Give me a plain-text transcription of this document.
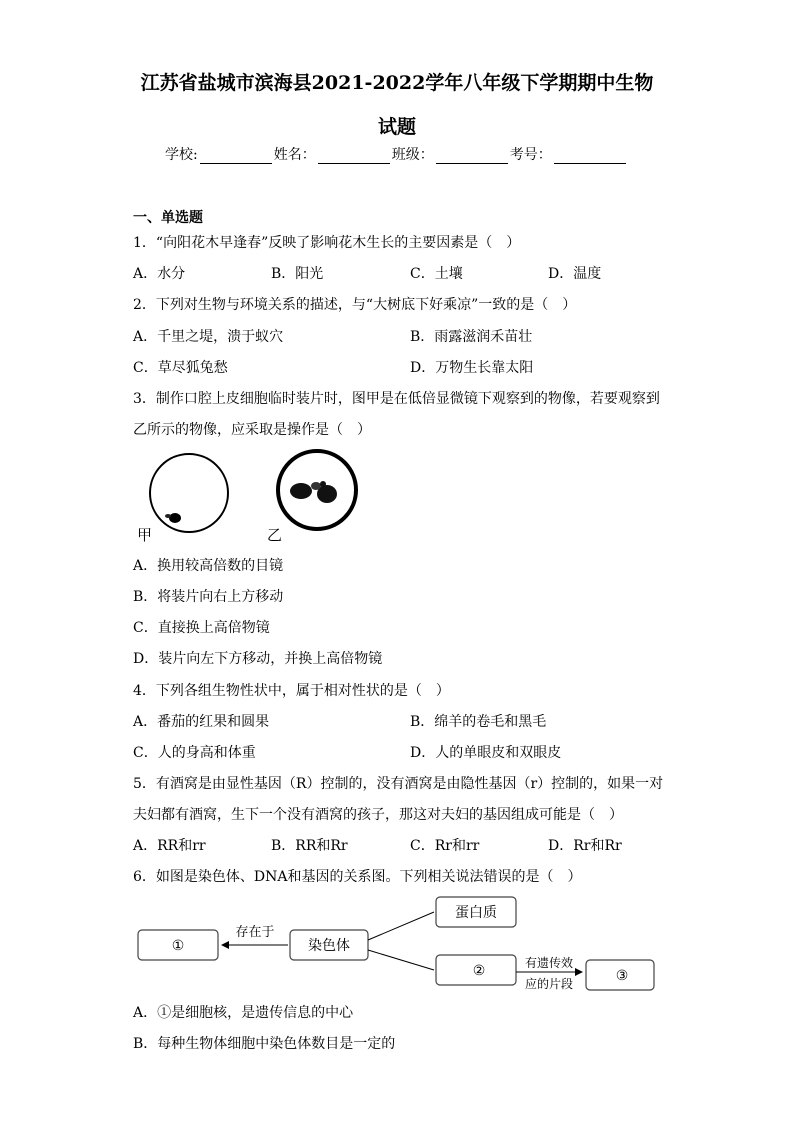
江苏省盐城市滨海县2021-2022学年八年级下学期期中生物
试题
学校:	姓名：	班级：	考号：
一、单选题
1．“向阳花木早逢春”反映了影响花木生长的主要因素是（　）
A．水分	B．阳光	C．土壤	D．温度
2．下列对生物与环境关系的描述，与“大树底下好乘凉”一致的是（　）
A．千里之堤，溃于蚁穴	B．雨露滋润禾苗壮
C．草尽狐兔愁	D．万物生长靠太阳
3．制作口腔上皮细胞临时装片时，图甲是在低倍显微镜下观察到的物像，若要观察到
乙所示的物像，应采取是操作是（　）
甲	乙
A．换用较高倍数的目镜
B．将装片向右上方移动
C．直接换上高倍物镜
D．装片向左下方移动，并换上高倍物镜
4．下列各组生物性状中，属于相对性状的是（　）
A．番茄的红果和圆果	B．绵羊的卷毛和黑毛
C．人的身高和体重	D．人的单眼皮和双眼皮
5．有酒窝是由显性基因（R）控制的，没有酒窝是由隐性基因（r）控制的，如果一对
夫妇都有酒窝，生下一个没有酒窝的孩子，那这对夫妇的基因组成可能是（　）
A．RR和rr	B．RR和Rr	C．Rr和rr	D．Rr和Rr
6．如图是染色体、DNA和基因的关系图。下列相关说法错误的是（　）
①
存在于
染色体
蛋白质
②	有遗传效
应的片段	③
A．①是细胞核，是遗传信息的中心
B．每种生物体细胞中染色体数目是一定的
